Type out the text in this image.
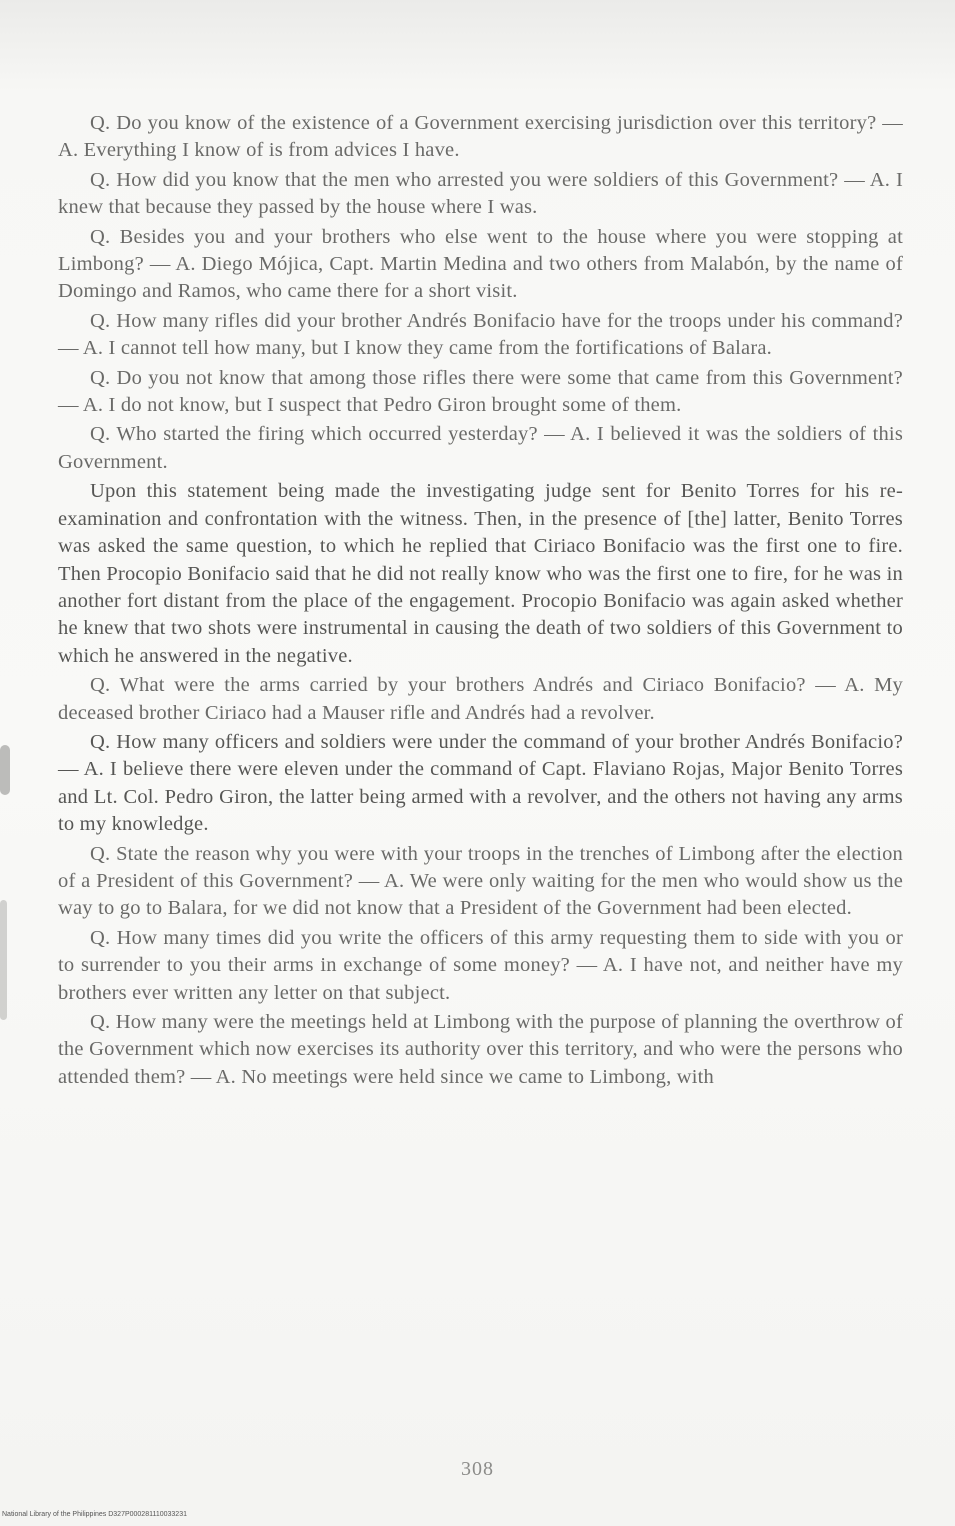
Q. Do you know of the existence of a Government exercising jurisdiction over this territory? — A. Everything I know of is from advices I have.

Q. How did you know that the men who arrested you were soldiers of this Government? — A. I knew that because they passed by the house where I was.

Q. Besides you and your brothers who else went to the house where you were stopping at Limbong? — A. Diego Mójica, Capt. Martin Medina and two others from Malabón, by the name of Domingo and Ramos, who came there for a short visit.

Q. How many rifles did your brother Andrés Bonifacio have for the troops under his command? — A. I cannot tell how many, but I know they came from the fortifications of Balara.

Q. Do you not know that among those rifles there were some that came from this Government? — A. I do not know, but I suspect that Pedro Giron brought some of them.

Q. Who started the firing which occurred yesterday? — A. I believed it was the soldiers of this Government.

Upon this statement being made the investigating judge sent for Benito Torres for his re-examination and confrontation with the witness. Then, in the presence of [the] latter, Benito Torres was asked the same question, to which he replied that Ciriaco Bonifacio was the first one to fire. Then Procopio Bonifacio said that he did not really know who was the first one to fire, for he was in another fort distant from the place of the engagement. Procopio Bonifacio was again asked whether he knew that two shots were instrumental in causing the death of two soldiers of this Government to which he answered in the negative.

Q. What were the arms carried by your brothers Andrés and Ciriaco Bonifacio? — A. My deceased brother Ciriaco had a Mauser rifle and Andrés had a revolver.

Q. How many officers and soldiers were under the command of your brother Andrés Bonifacio? — A. I believe there were eleven under the command of Capt. Flaviano Rojas, Major Benito Torres and Lt. Col. Pedro Giron, the latter being armed with a revolver, and the others not having any arms to my knowledge.

Q. State the reason why you were with your troops in the trenches of Limbong after the election of a President of this Government? — A. We were only waiting for the men who would show us the way to go to Balara, for we did not know that a President of the Government had been elected.

Q. How many times did you write the officers of this army requesting them to side with you or to surrender to you their arms in exchange of some money? — A. I have not, and neither have my brothers ever written any letter on that subject.

Q. How many were the meetings held at Limbong with the purpose of planning the overthrow of the Government which now exercises its authority over this territory, and who were the persons who attended them? — A. No meetings were held since we came to Limbong, with

308
National Library of the Philippines D327P000281110033231
